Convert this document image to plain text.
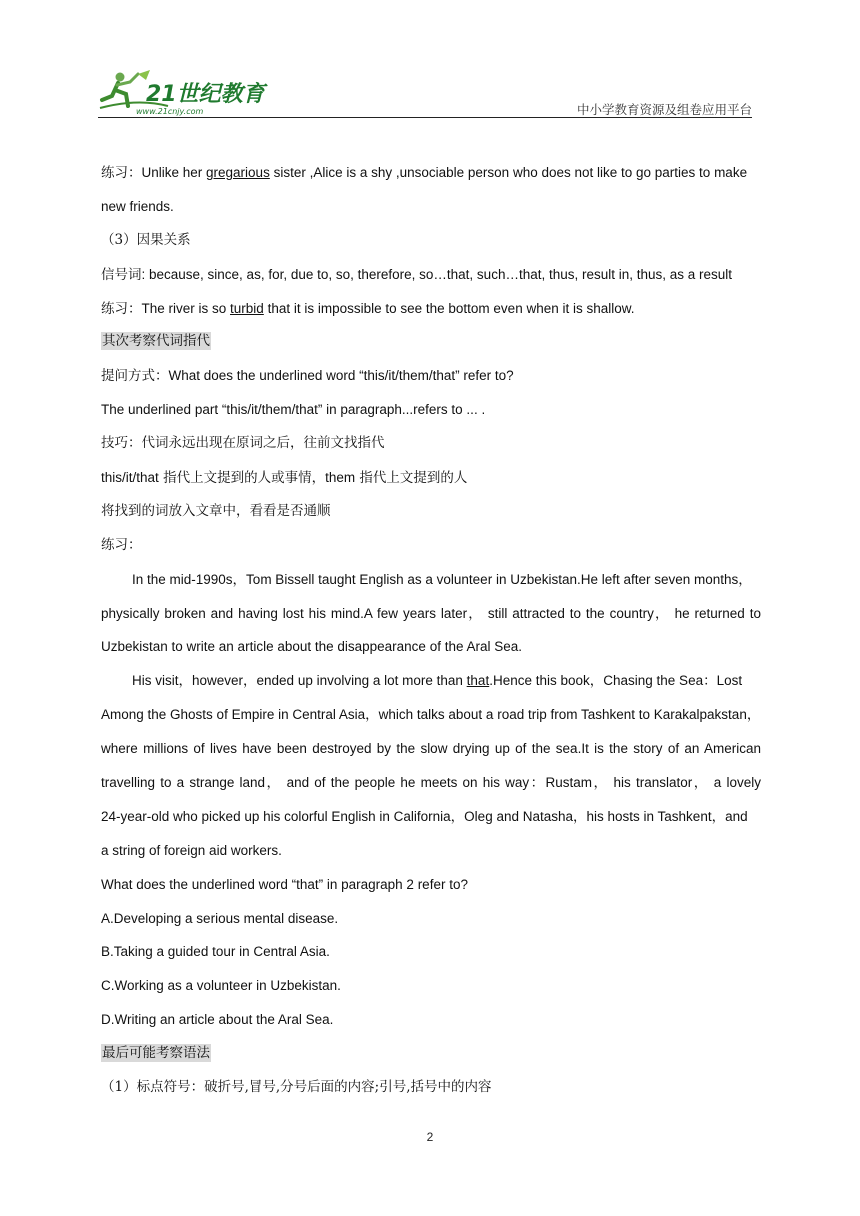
21世纪教育
www.21cnjy.com	中小学教育资源及组卷应用平台
练习：Unlike her gregarious sister ,Alice is a shy ,unsociable person who does not like to go parties to make
new friends.
（3）因果关系
信号词: because, since, as, for, due to, so, therefore, so…that, such…that, thus, result in, thus, as a result
练习：The river is so turbid that it is impossible to see the bottom even when it is shallow.
其次考察代词指代
提问方式：What does the underlined word “this/it/them/that” refer to?
The underlined part “this/it/them/that” in paragraph...refers to ... .
技巧：代词永远出现在原词之后，往前文找指代
this/it/that 指代上文提到的人或事情，them 指代上文提到的人
将找到的词放入文章中，看看是否通顺
练习：
In the mid-1990s，Tom Bissell taught English as a volunteer in Uzbekistan.He left after seven months，
physically broken and having lost his mind.A few years later， still attracted to the country， he returned to
Uzbekistan to write an article about the disappearance of the Aral Sea.
His visit，however，ended up involving a lot more than that.Hence this book，Chasing the Sea：Lost
Among the Ghosts of Empire in Central Asia，which talks about a road trip from Tashkent to Karakalpakstan，
where millions of lives have been destroyed by the slow drying up of the sea.It is the story of an American
travelling to a strange land， and of the people he meets on his way：Rustam， his translator， a lovely
24-year-old who picked up his colorful English in California，Oleg and Natasha，his hosts in Tashkent，and
a string of foreign aid workers.
What does the underlined word “that” in paragraph 2 refer to?
A.Developing a serious mental disease.
B.Taking a guided tour in Central Asia.
C.Working as a volunteer in Uzbekistan.
D.Writing an article about the Aral Sea.
最后可能考察语法
（1）标点符号：破折号,冒号,分号后面的内容;引号,括号中的内容
2
